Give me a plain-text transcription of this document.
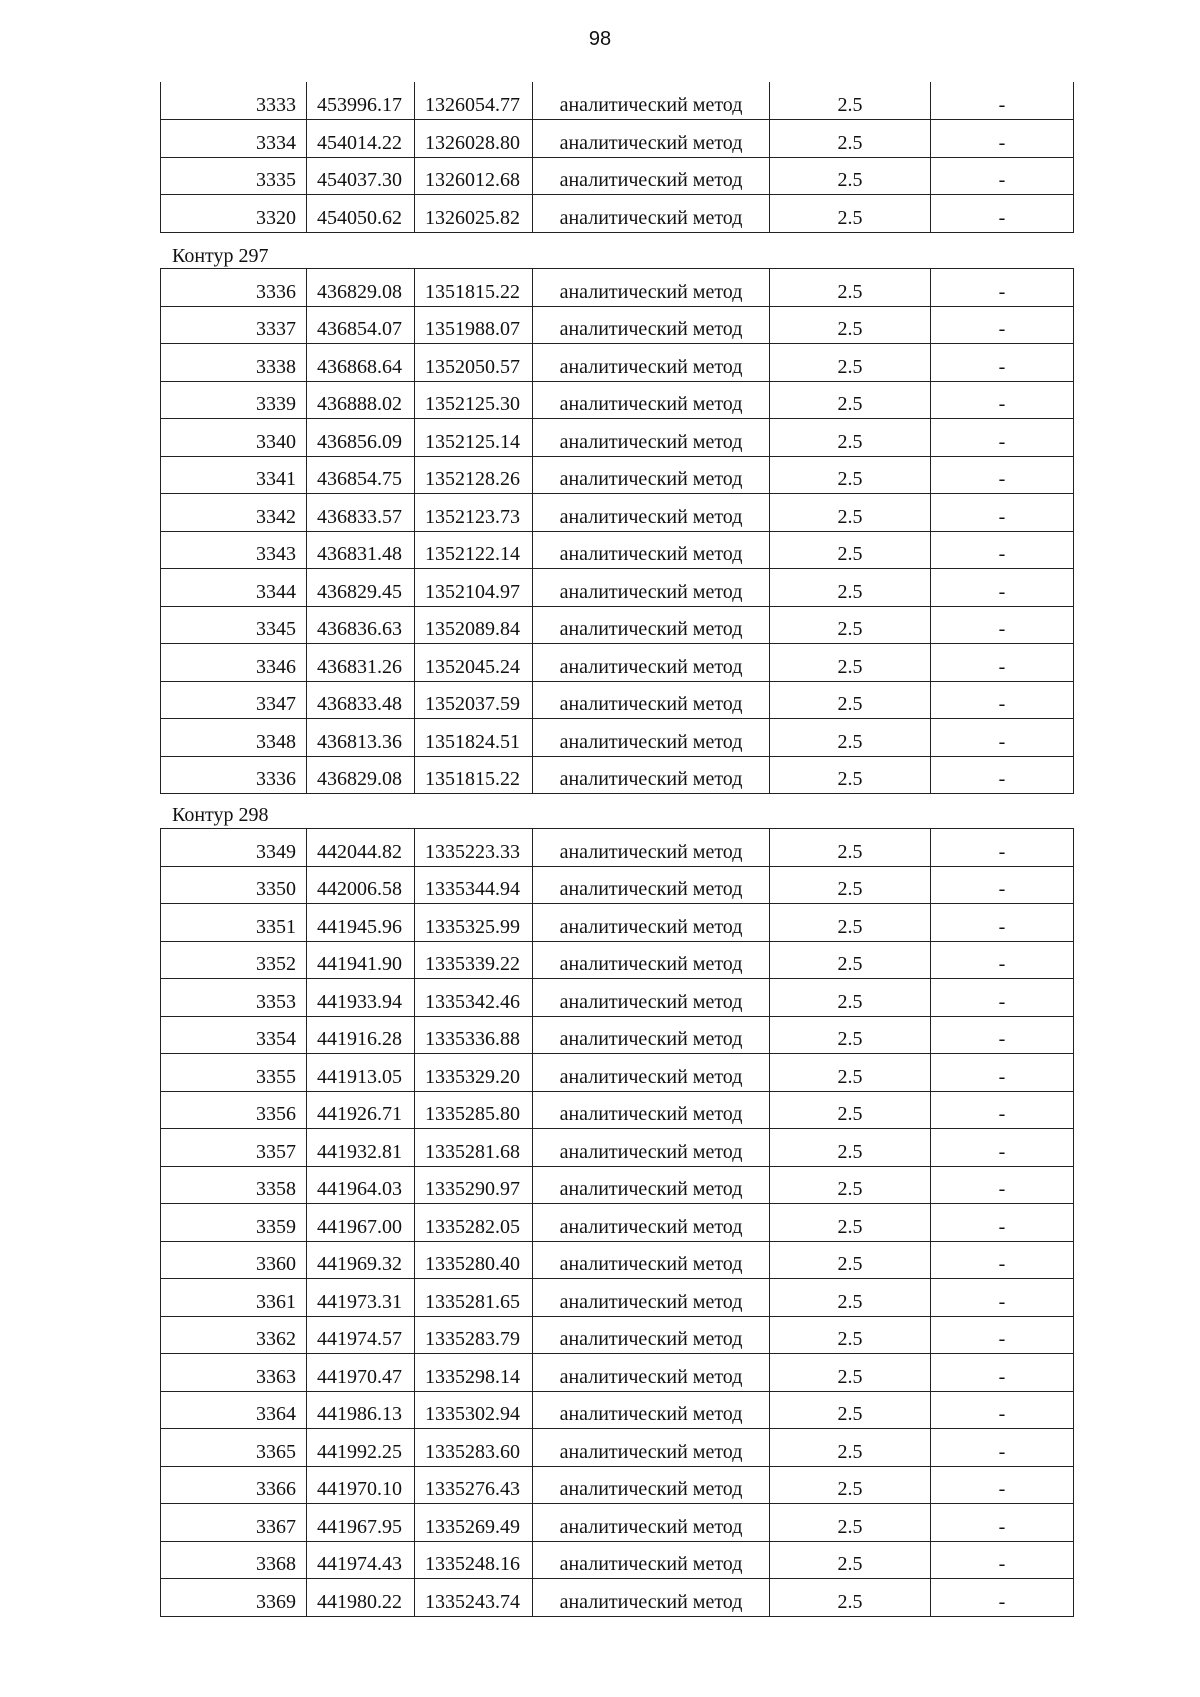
98
3333	453996.17	1326054.77	аналитический метод	2.5	-
3334	454014.22	1326028.80	аналитический метод	2.5	-
3335	454037.30	1326012.68	аналитический метод	2.5	-
3320	454050.62	1326025.82	аналитический метод	2.5	-
Контур 297
3336	436829.08	1351815.22	аналитический метод	2.5	-
3337	436854.07	1351988.07	аналитический метод	2.5	-
3338	436868.64	1352050.57	аналитический метод	2.5	-
3339	436888.02	1352125.30	аналитический метод	2.5	-
3340	436856.09	1352125.14	аналитический метод	2.5	-
3341	436854.75	1352128.26	аналитический метод	2.5	-
3342	436833.57	1352123.73	аналитический метод	2.5	-
3343	436831.48	1352122.14	аналитический метод	2.5	-
3344	436829.45	1352104.97	аналитический метод	2.5	-
3345	436836.63	1352089.84	аналитический метод	2.5	-
3346	436831.26	1352045.24	аналитический метод	2.5	-
3347	436833.48	1352037.59	аналитический метод	2.5	-
3348	436813.36	1351824.51	аналитический метод	2.5	-
3336	436829.08	1351815.22	аналитический метод	2.5	-
Контур 298
3349	442044.82	1335223.33	аналитический метод	2.5	-
3350	442006.58	1335344.94	аналитический метод	2.5	-
3351	441945.96	1335325.99	аналитический метод	2.5	-
3352	441941.90	1335339.22	аналитический метод	2.5	-
3353	441933.94	1335342.46	аналитический метод	2.5	-
3354	441916.28	1335336.88	аналитический метод	2.5	-
3355	441913.05	1335329.20	аналитический метод	2.5	-
3356	441926.71	1335285.80	аналитический метод	2.5	-
3357	441932.81	1335281.68	аналитический метод	2.5	-
3358	441964.03	1335290.97	аналитический метод	2.5	-
3359	441967.00	1335282.05	аналитический метод	2.5	-
3360	441969.32	1335280.40	аналитический метод	2.5	-
3361	441973.31	1335281.65	аналитический метод	2.5	-
3362	441974.57	1335283.79	аналитический метод	2.5	-
3363	441970.47	1335298.14	аналитический метод	2.5	-
3364	441986.13	1335302.94	аналитический метод	2.5	-
3365	441992.25	1335283.60	аналитический метод	2.5	-
3366	441970.10	1335276.43	аналитический метод	2.5	-
3367	441967.95	1335269.49	аналитический метод	2.5	-
3368	441974.43	1335248.16	аналитический метод	2.5	-
3369	441980.22	1335243.74	аналитический метод	2.5	-
